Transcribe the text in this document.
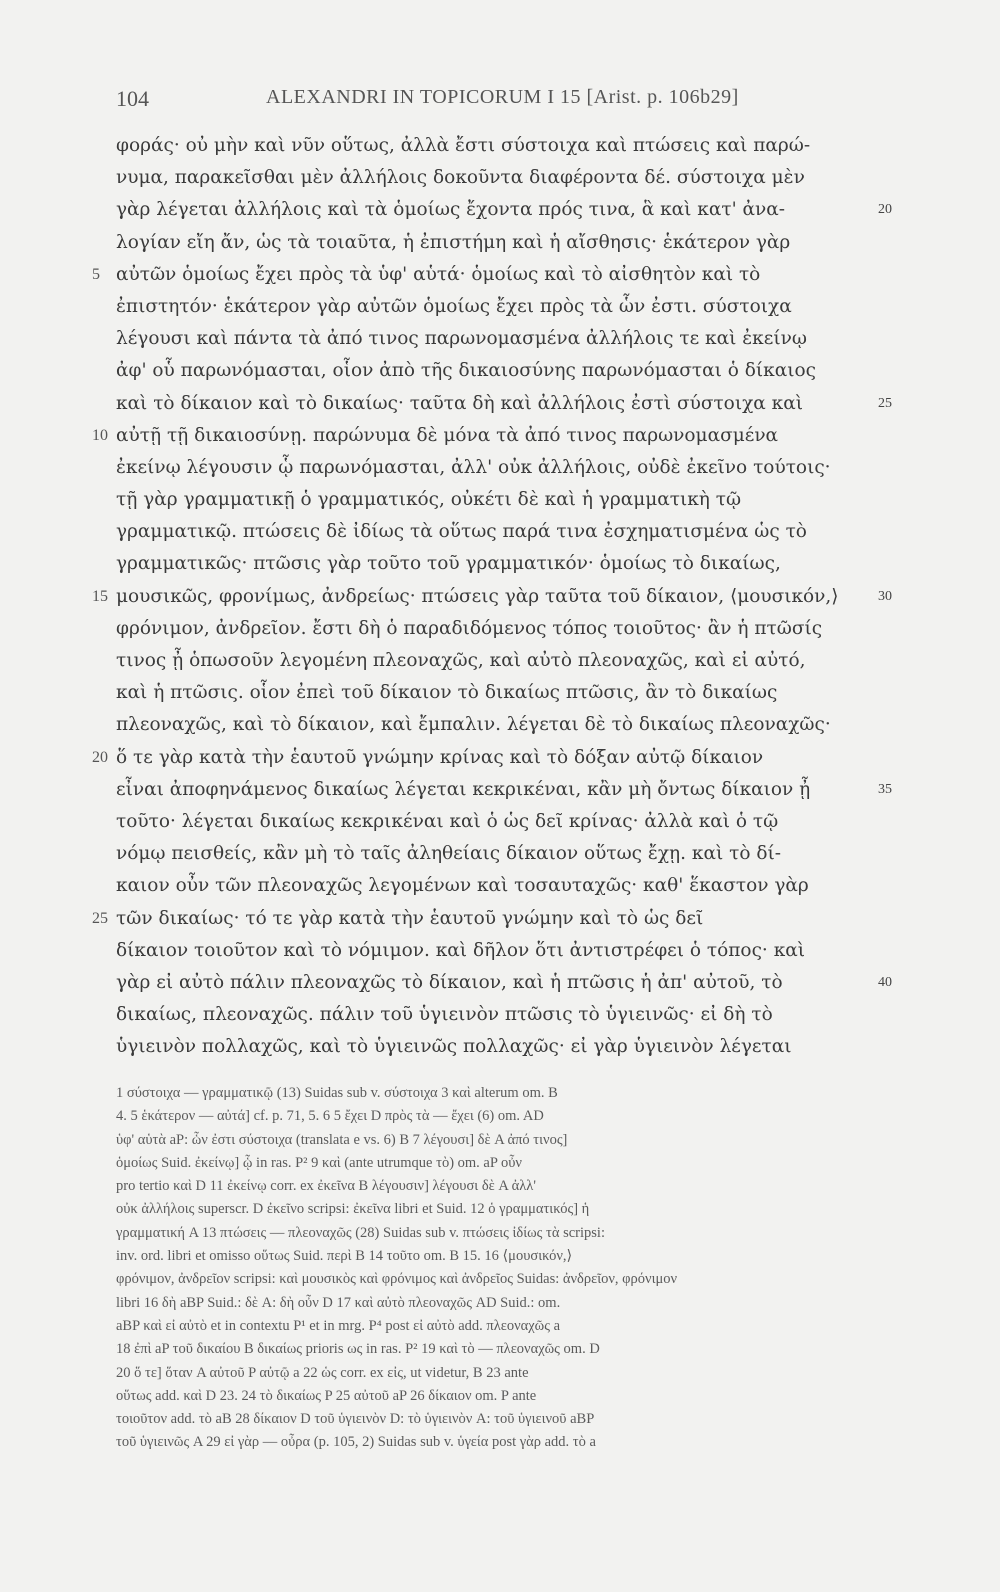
104	ALEXANDRI IN TOPICORUM I 15 [Arist. p. 106b29]
φοράς· οὐ μὴν καὶ νῦν οὕτως, ἀλλὰ ἔστι σύστοιχα καὶ πτώσεις καὶ παρώ-
νυμα, παρακεῖσθαι μὲν ἀλλήλοις δοκοῦντα διαφέροντα δέ. σύστοιχα μὲν
γὰρ λέγεται ἀλλήλοις καὶ τὰ ὁμοίως ἔχοντα πρός τινα, ἃ καὶ κατ' ἀνα-	20
λογίαν εἴη ἄν, ὡς τὰ τοιαῦτα, ἡ ἐπιστήμη καὶ ἡ αἴσθησις· ἑκάτερον γὰρ
5 αὐτῶν ὁμοίως ἔχει πρὸς τὰ ὑφ' αὑτά· ὁμοίως καὶ τὸ αἰσθητὸν καὶ τὸ
ἐπιστητόν· ἑκάτερον γὰρ αὐτῶν ὁμοίως ἔχει πρὸς τὰ ὧν ἐστι. σύστοιχα
λέγουσι καὶ πάντα τὰ ἀπό τινος παρωνομασμένα ἀλλήλοις τε καὶ ἐκείνῳ
ἀφ' οὗ παρωνόμασται, οἷον ἀπὸ τῆς δικαιοσύνης παρωνόμασται ὁ δίκαιος
καὶ τὸ δίκαιον καὶ τὸ δικαίως· ταῦτα δὴ καὶ ἀλλήλοις ἐστὶ σύστοιχα καὶ	25
10 αὐτῇ τῇ δικαιοσύνῃ. παρώνυμα δὲ μόνα τὰ ἀπό τινος παρωνομασμένα
ἐκείνῳ λέγουσιν ᾧ παρωνόμασται, ἀλλ' οὐκ ἀλλήλοις, οὐδὲ ἐκεῖνο τούτοις·
τῇ γὰρ γραμματικῇ ὁ γραμματικός, οὐκέτι δὲ καὶ ἡ γραμματικὴ τῷ
γραμματικῷ. πτώσεις δὲ ἰδίως τὰ οὕτως παρά τινα ἐσχηματισμένα ὡς τὸ
γραμματικῶς· πτῶσις γὰρ τοῦτο τοῦ γραμματικόν· ὁμοίως τὸ δικαίως,
15 μουσικῶς, φρονίμως, ἀνδρείως· πτώσεις γὰρ ταῦτα τοῦ δίκαιον, ⟨μουσικόν,⟩	30
φρόνιμον, ἀνδρεῖον. ἔστι δὴ ὁ παραδιδόμενος τόπος τοιοῦτος· ἂν ἡ πτῶσίς
τινος ᾖ ὁπωσοῦν λεγομένη πλεοναχῶς, καὶ αὐτὸ πλεοναχῶς, καὶ εἰ αὐτό,
καὶ ἡ πτῶσις. οἷον ἐπεὶ τοῦ δίκαιον τὸ δικαίως πτῶσις, ἂν τὸ δικαίως
πλεοναχῶς, καὶ τὸ δίκαιον, καὶ ἔμπαλιν. λέγεται δὲ τὸ δικαίως πλεοναχῶς·
20 ὅ τε γὰρ κατὰ τὴν ἑαυτοῦ γνώμην κρίνας καὶ τὸ δόξαν αὐτῷ δίκαιον
εἶναι ἀποφηνάμενος δικαίως λέγεται κεκρικέναι, κἂν μὴ ὄντως δίκαιον ᾖ	35
τοῦτο· λέγεται δικαίως κεκρικέναι καὶ ὁ ὡς δεῖ κρίνας· ἀλλὰ καὶ ὁ τῷ
νόμῳ πεισθείς, κἂν μὴ τὸ ταῖς ἀληθείαις δίκαιον οὕτως ἔχῃ. καὶ τὸ δί-
καιον οὖν τῶν πλεοναχῶς λεγομένων καὶ τοσαυταχῶς· καθ' ἕκαστον γὰρ
25 τῶν δικαίως· τό τε γὰρ κατὰ τὴν ἑαυτοῦ γνώμην καὶ τὸ ὡς δεῖ
δίκαιον τοιοῦτον καὶ τὸ νόμιμον. καὶ δῆλον ὅτι ἀντιστρέφει ὁ τόπος· καὶ
γὰρ εἰ αὐτὸ πάλιν πλεοναχῶς τὸ δίκαιον, καὶ ἡ πτῶσις ἡ ἀπ' αὐτοῦ, τὸ	40
δικαίως, πλεοναχῶς. πάλιν τοῦ ὑγιεινὸν πτῶσις τὸ ὑγιεινῶς· εἰ δὴ τὸ
ὑγιεινὸν πολλαχῶς, καὶ τὸ ὑγιεινῶς πολλαχῶς· εἰ γὰρ ὑγιεινὸν λέγεται
1 σύστοιχα — γραμματικῷ (13) Suidas sub v. σύστοιχα 3 καὶ alterum om. B
4. 5 ἑκάτερον — αὐτά] cf. p. 71, 5. 6 5 ἔχει D πρὸς τὰ — ἔχει (6) om. AD
ὑφ' αὑτὰ aP: ὧν ἐστι σύστοιχα (translata e vs. 6) B 7 λέγουσι] δὲ A ἀπό τινος]
ὁμοίως Suid. ἐκείνῳ] ᾧ in ras. P² 9 καὶ (ante utrumque τὸ) om. aP οὖν
pro tertio καὶ D 11 ἐκείνῳ corr. ex ἐκεῖνα B λέγουσιν] λέγουσι δὲ A ἀλλ'
οὐκ ἀλλήλοις superscr. D ἐκεῖνο scripsi: ἐκεῖνα libri et Suid. 12 ὁ γραμματικός] ἡ
γραμματική A 13 πτώσεις — πλεοναχῶς (28) Suidas sub v. πτώσεις ἰδίως τὰ scripsi:
inv. ord. libri et omisso οὕτως Suid. περὶ B 14 τοῦτο om. B 15. 16 ⟨μουσικόν,⟩
φρόνιμον, ἀνδρεῖον scripsi: καὶ μουσικὸς καὶ φρόνιμος καὶ ἀνδρεῖος Suidas: ἀνδρεῖον, φρόνιμον
libri 16 δὴ aBP Suid.: δὲ A: δὴ οὖν D 17 καὶ αὐτὸ πλεοναχῶς AD Suid.: om.
aBP καὶ εἰ αὐτὸ et in contextu P¹ et in mrg. P⁴ post εἰ αὐτὸ add. πλεοναχῶς a
18 ἐπὶ aP τοῦ δικαίου B δικαίως prioris ως in ras. P² 19 καὶ τὸ — πλεοναχῶς om. D
20 ὅ τε] ὅταν A αὐτοῦ P αὐτῷ a 22 ὡς corr. ex εἰς, ut videtur, B 23 ante
οὕτως add. καὶ D 23. 24 τὸ δικαίως P 25 αὐτοῦ aP 26 δίκαιον om. P ante
τοιοῦτον add. τὸ aB 28 δίκαιον D τοῦ ὑγιεινὸν D: τὸ ὑγιεινὸν A: τοῦ ὑγιεινοῦ aBP
τοῦ ὑγιεινῶς A 29 εἰ γὰρ — οὖρα (p. 105, 2) Suidas sub v. ὑγεία post γὰρ add. τὸ a
